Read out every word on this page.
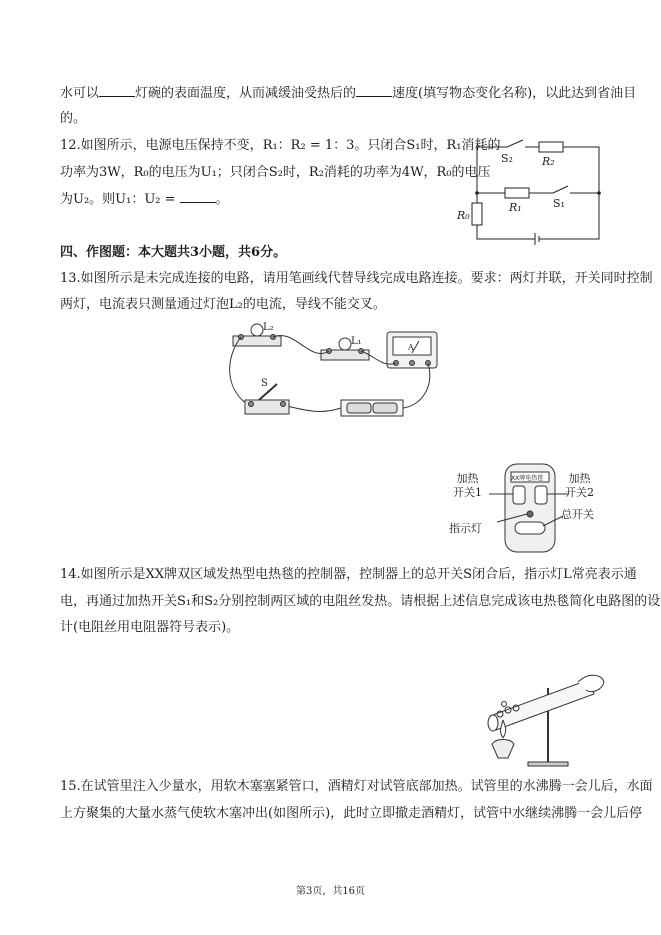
水可以	灯碗的表面温度，从而减缓油受热后的	速度(填写物态变化名称)，以此达到省油目
的。
12.如图所示，电源电压保持不变，R₁：R₂ = 1：3。只闭合S₁时，R₁消耗的
功率为3W，R₀的电压为U₁；只闭合S₂时，R₂消耗的功率为4W，R₀的电压
为U₂。则U₁：U₂ =	。
S₂	R₂
R₁	S₁
R₀
四、作图题：本大题共3小题，共6分。
13.如图所示是未完成连接的电路，请用笔画线代替导线完成电路连接。要求：两灯并联，开关同时控制
两灯，电流表只测量通过灯泡L₂的电流，导线不能交叉。
L₂
L₁
A
S
XX牌电热毯
加热
开关1
加热
开关2
指示灯
总开关
14.如图所示是XX牌双区域发热型电热毯的控制器，控制器上的总开关S闭合后，指示灯L常亮表示通
电，再通过加热开关S₁和S₂分别控制两区域的电阻丝发热。请根据上述信息完成该电热毯简化电路图的设
计(电阻丝用电阻器符号表示)。
15.在试管里注入少量水，用软木塞塞紧管口，酒精灯对试管底部加热。试管里的水沸腾一会儿后，水面
上方聚集的大量水蒸气使软木塞冲出(如图所示)，此时立即撤走酒精灯，试管中水继续沸腾一会儿后停
第3页，共16页
